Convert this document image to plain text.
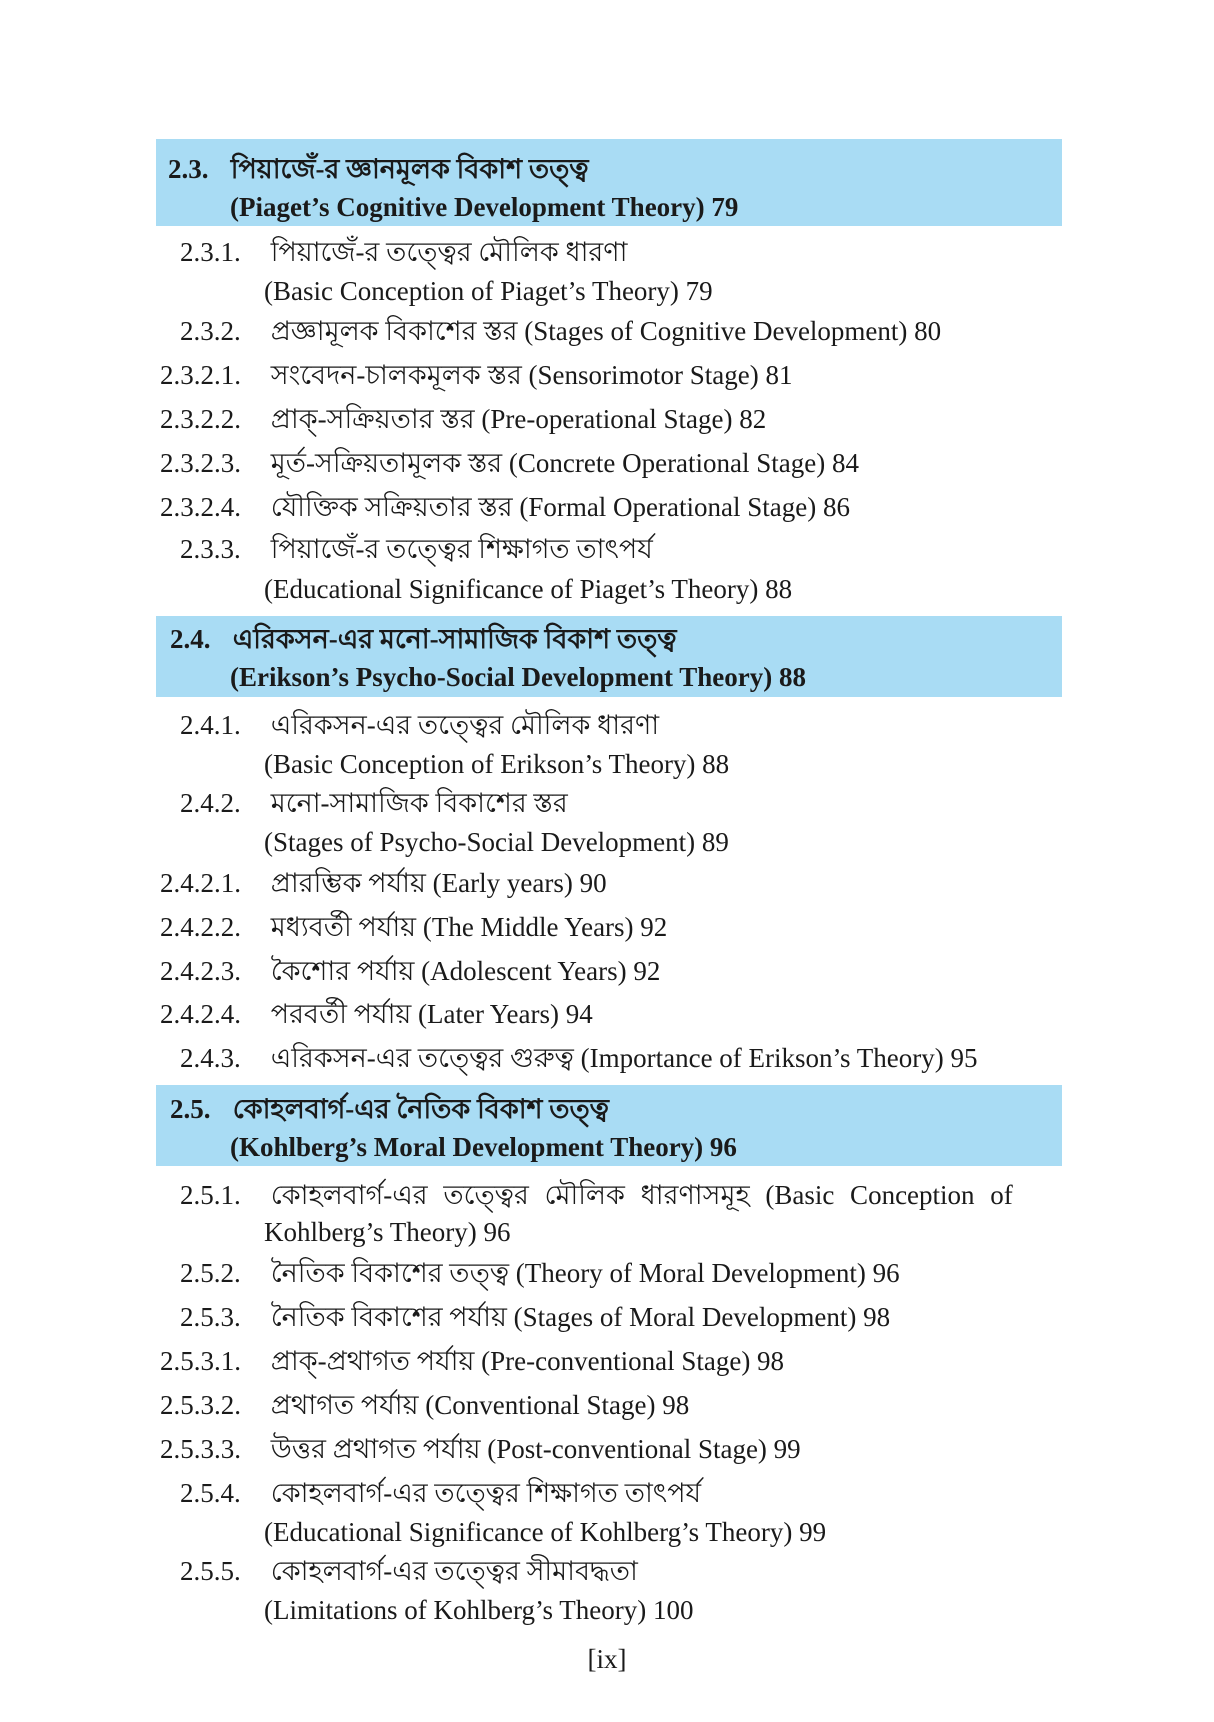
2.3. পিয়াজেঁ-র জ্ঞানমূলক বিকাশ তত্ত্ব
(Piaget’s Cognitive Development Theory) 79
2.3.1. পিয়াজেঁ-র তত্ত্বের মৌলিক ধারণা
(Basic Conception of Piaget’s Theory) 79
2.3.2. প্রজ্ঞামূলক বিকাশের স্তর (Stages of Cognitive Development) 80
2.3.2.1. সংবেদন-চালকমূলক স্তর (Sensorimotor Stage) 81
2.3.2.2. প্রাক্-সক্রিয়তার স্তর (Pre-operational Stage) 82
2.3.2.3. মূর্ত-সক্রিয়তামূলক স্তর (Concrete Operational Stage) 84
2.3.2.4. যৌক্তিক সক্রিয়তার স্তর (Formal Operational Stage) 86
2.3.3. পিয়াজেঁ-র তত্ত্বের শিক্ষাগত তাৎপর্য
(Educational Significance of Piaget’s Theory) 88
2.4. এরিকসন-এর মনো-সামাজিক বিকাশ তত্ত্ব
(Erikson’s Psycho-Social Development Theory) 88
2.4.1. এরিকসন-এর তত্ত্বের মৌলিক ধারণা
(Basic Conception of Erikson’s Theory) 88
2.4.2. মনো-সামাজিক বিকাশের স্তর
(Stages of Psycho-Social Development) 89
2.4.2.1. প্রারম্ভিক পর্যায় (Early years) 90
2.4.2.2. মধ্যবর্তী পর্যায় (The Middle Years) 92
2.4.2.3. কৈশোর পর্যায় (Adolescent Years) 92
2.4.2.4. পরবর্তী পর্যায় (Later Years) 94
2.4.3. এরিকসন-এর তত্ত্বের গুরুত্ব (Importance of Erikson’s Theory) 95
2.5. কোহলবার্গ-এর নৈতিক বিকাশ তত্ত্ব
(Kohlberg’s Moral Development Theory) 96
2.5.1. কোহলবার্গ-এর তত্ত্বের মৌলিক ধারণাসমূহ (Basic Conception of
Kohlberg’s Theory) 96
2.5.2. নৈতিক বিকাশের তত্ত্ব (Theory of Moral Development) 96
2.5.3. নৈতিক বিকাশের পর্যায় (Stages of Moral Development) 98
2.5.3.1. প্রাক্-প্রথাগত পর্যায় (Pre-conventional Stage) 98
2.5.3.2. প্রথাগত পর্যায় (Conventional Stage) 98
2.5.3.3. উত্তর প্রথাগত পর্যায় (Post-conventional Stage) 99
2.5.4. কোহলবার্গ-এর তত্ত্বের শিক্ষাগত তাৎপর্য
(Educational Significance of Kohlberg’s Theory) 99
2.5.5. কোহলবার্গ-এর তত্ত্বের সীমাবদ্ধতা
(Limitations of Kohlberg’s Theory) 100
[ix]
